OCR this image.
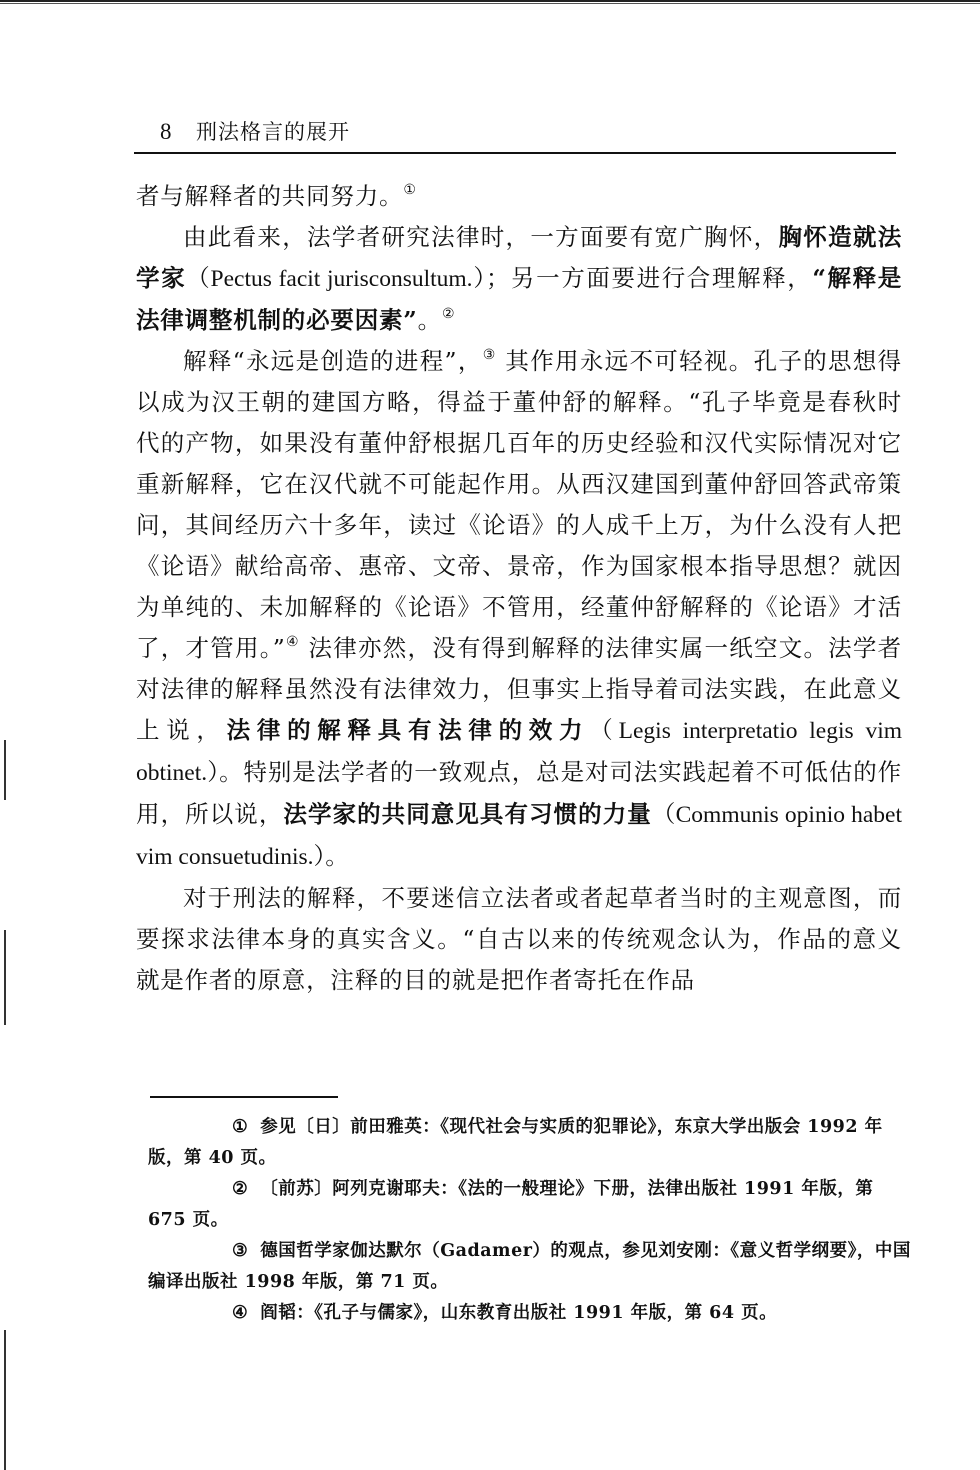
8 刑法格言的展开

者与解释者的共同努力。①

由此看来，法学者研究法律时，一方面要有宽广胸怀，胸怀造就法学家（Pectus facit jurisconsultum.）；另一方面要进行合理解释，“解释是法律调整机制的必要因素”。②

解释“永远是创造的进程”，③ 其作用永远不可轻视。孔子的思想得以成为汉王朝的建国方略，得益于董仲舒的解释。“孔子毕竟是春秋时代的产物，如果没有董仲舒根据几百年的历史经验和汉代实际情况对它重新解释，它在汉代就不可能起作用。从西汉建国到董仲舒回答武帝策问，其间经历六十多年，读过《论语》的人成千上万，为什么没有人把《论语》献给高帝、惠帝、文帝、景帝，作为国家根本指导思想？就因为单纯的、未加解释的《论语》不管用，经董仲舒解释的《论语》才活了，才管用。”④ 法律亦然，没有得到解释的法律实属一纸空文。法学者对法律的解释虽然没有法律效力，但事实上指导着司法实践，在此意义上说，法律的解释具有法律的效力（Legis interpretatio legis vim obtinet.）。特别是法学者的一致观点，总是对司法实践起着不可低估的作用，所以说，法学家的共同意见具有习惯的力量（Communis opinio habet vim consuetudinis.）。

对于刑法的解释，不要迷信立法者或者起草者当时的主观意图，而要探求法律本身的真实含义。“自古以来的传统观念认为，作品的意义就是作者的原意，注释的目的就是把作者寄托在作品

① 参见〔日〕前田雅英：《现代社会与实质的犯罪论》，东京大学出版会 1992 年版，第 40 页。

② 〔前苏〕阿列克谢耶夫：《法的一般理论》下册，法律出版社 1991 年版，第 675 页。

③ 德国哲学家伽达默尔（Gadamer）的观点，参见刘安刚：《意义哲学纲要》，中国编译出版社 1998 年版，第 71 页。

④ 阎韬：《孔子与儒家》，山东教育出版社 1991 年版，第 64 页。
